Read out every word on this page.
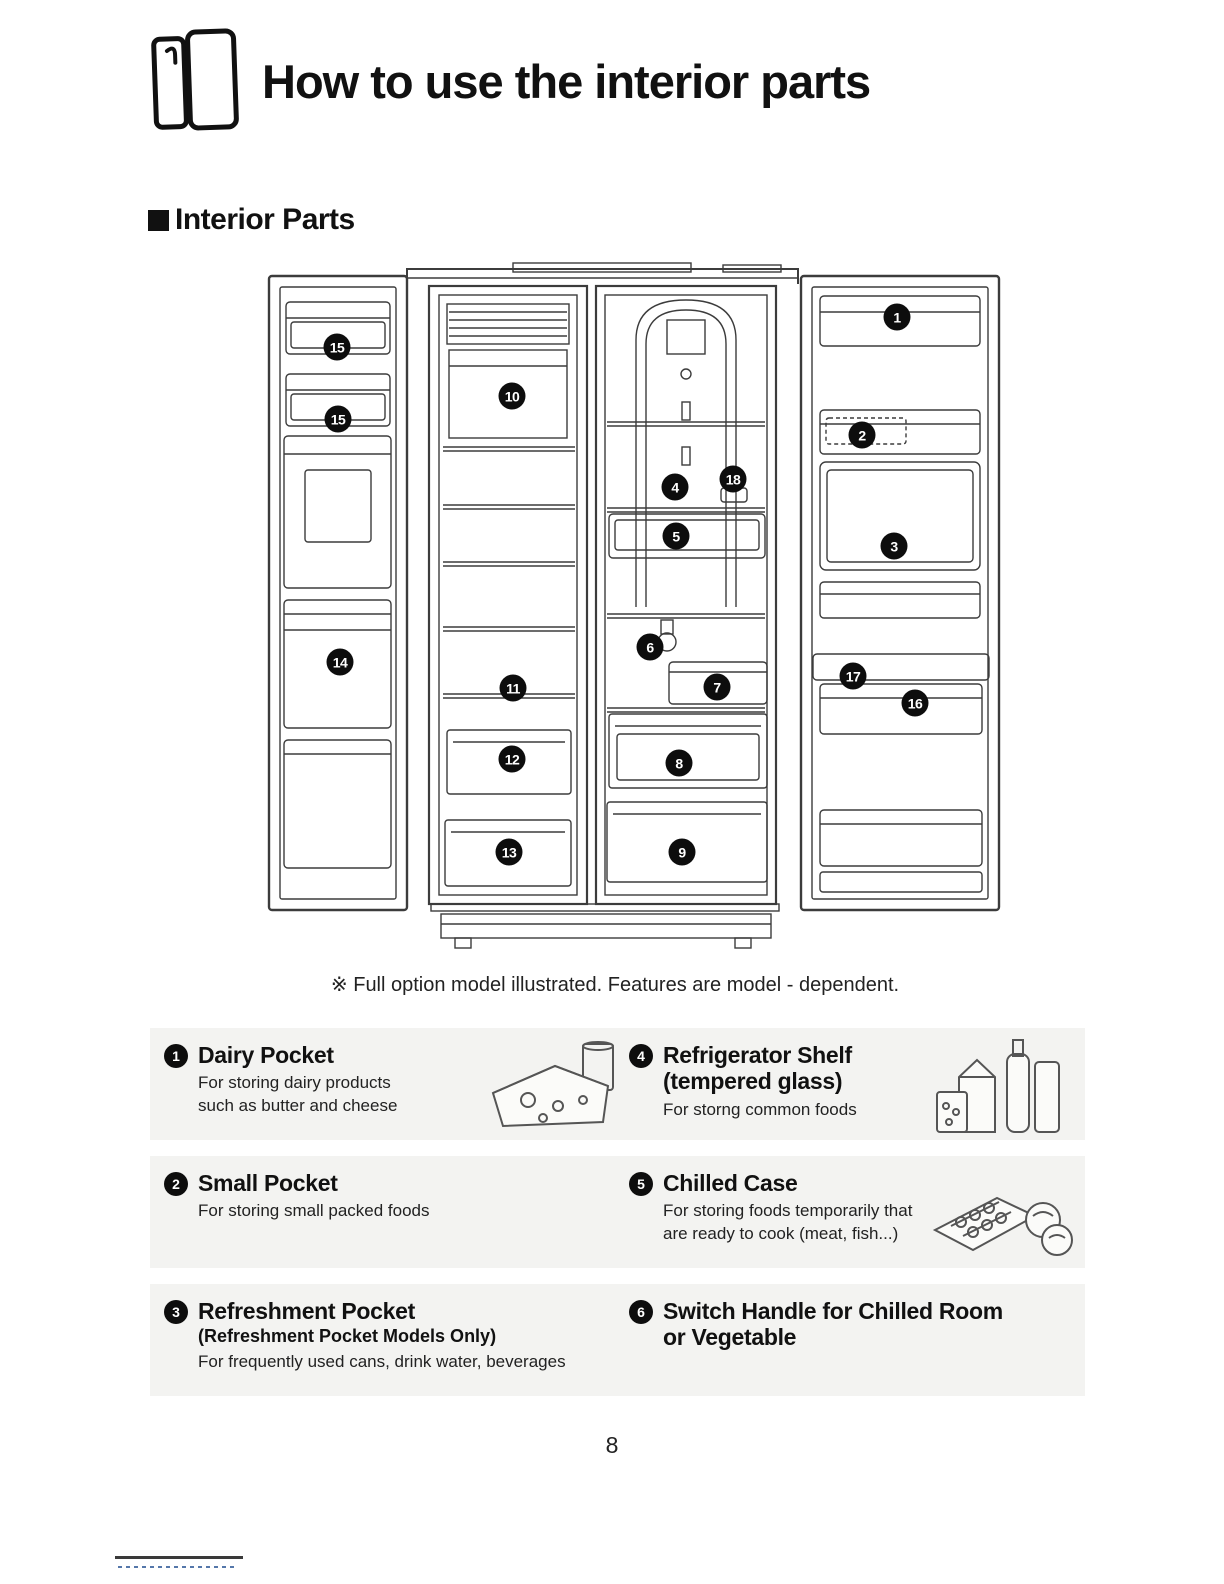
How to use the interior parts
Interior Parts
15
15
14
10
11
12
13
4	18
5
6
7
8
9
1
2
3
17
16
※ Full option model illustrated. Features are model - dependent.
1 Dairy Pocket
For storing dairy products
such as butter and cheese
4 Refrigerator Shelf
(tempered glass)
For storng common foods
2 Small Pocket
For storing small packed foods
5 Chilled Case
For storing foods temporarily that
are ready to cook (meat, fish...)
3 Refreshment Pocket
(Refreshment Pocket Models Only)
For frequently used cans, drink water, beverages
6 Switch Handle for Chilled Room
or Vegetable
8
